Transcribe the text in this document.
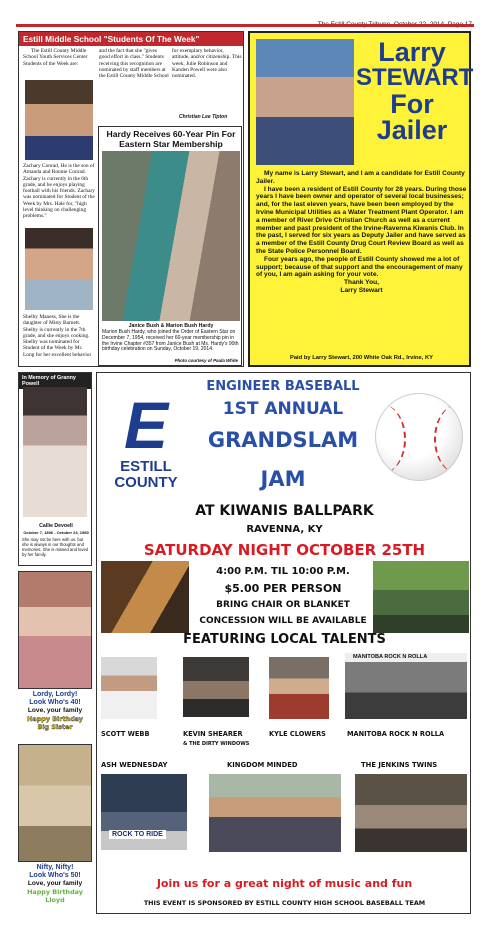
Estill Middle School "Students Of The Week"
The Estill County Middle School Youth Services Center Students of the Week are:
Zachary Conrad, He is the son of Amanda and Ronnie Conrad. Zachary is currently in the 6th grade, and he enjoys playing football with his friends. Zachary was nominated for Student of the Week by Mrs. Hale for, "high level thinking on challenging problems."
Shelby Maness, She is the daughter of Misty Barnett. Shelby is currently in the 7th grade, and she enjoys cooking. Shelby was nominated for Student of the Week by Mr. Long for her excellent behavior
and the fact that she "gives good effort in class." Students receiving this recognition are nominated by staff members at the Estill County Middle School
for exemplary behavior, attitude, and/or citizenship. This week, Julie Robinson and Kanden Powell were also nominated.
Christian Lee Tipton
Hardy Receives 60-Year Pin For Eastern Star Membership
Janice Bush & Marion Bush Hardy
Marion Bush Hardy, who joined the Order of Eastern Star on December 7, 1954, received her 60-year membership pin in the Irvine Chapter #357 from Janice Bush at Ms. Hardy's 90th birthday celebration on Sunday, October 19, 2014.
Photo courtesy of Paula White
Larry
STEWART
For
Jailer

My name is Larry Stewart, and I am a candidate for Estill County Jailer.

I have been a resident of Estill County for 28 years. During those years I have been owner and operator of several local businesses; and, for the last eleven years, have been been employed by the Irvine Municipal Utilities as a Water Treatment Plant Operator. I am a member of River Drive Christian Church as well as a current member and past president of the Irvine-Ravenna Kiwanis Club. In the past, I served for six years as Deputy Jailer and have served as a member of the Estill County Drug Court Review Board as well as the State Police Personnel Board.

Four years ago, the people of Estill County showed me a lot of support; because of that support and the encouragement of many of you, I am again asking for your vote.

Thank You,

Larry Stewart

Paid by Larry Stewart, 200 White Oak Rd., Irvine, KY
In Memory of Granny Powell
Callie Devoell
October 7, 1896 - October 23, 1989
She may not be here with us, but she is always in our thoughts and memories. She is missed and loved by her family.
Lordy, Lordy!
Look Who's 40!
Love, your family
Happy Birthday
Big Sister
Nifty, Nifty!
Look Who's 50!
Love, your family
Happy Birthday
Lloyd
E
ESTILL
COUNTY
ENGINEER BASEBALL
1ST ANNUAL
GRANDSLAM
JAM
AT KIWANIS BALLPARK
RAVENNA, KY
SATURDAY NIGHT OCTOBER 25TH
4:00 P.M. TIL 10:00 P.M.
$5.00 PER PERSON
BRING CHAIR OR BLANKET
CONCESSION WILL BE AVAILABLE
FEATURING LOCAL TALENTS
MANITOBA ROCK N ROLLA
SCOTT WEBB	KEVIN SHEARER
& THE DIRTY WINDOWS
KYLE CLOWERS	MANITOBA ROCK N ROLLA
ASH WEDNESDAY	KINGDOM MINDED	THE JENKINS TWINS
ROCK TO RIDE
Join us for a great night of music and fun
THIS EVENT IS SPONSORED BY ESTILL COUNTY HIGH SCHOOL BASEBALL TEAM
